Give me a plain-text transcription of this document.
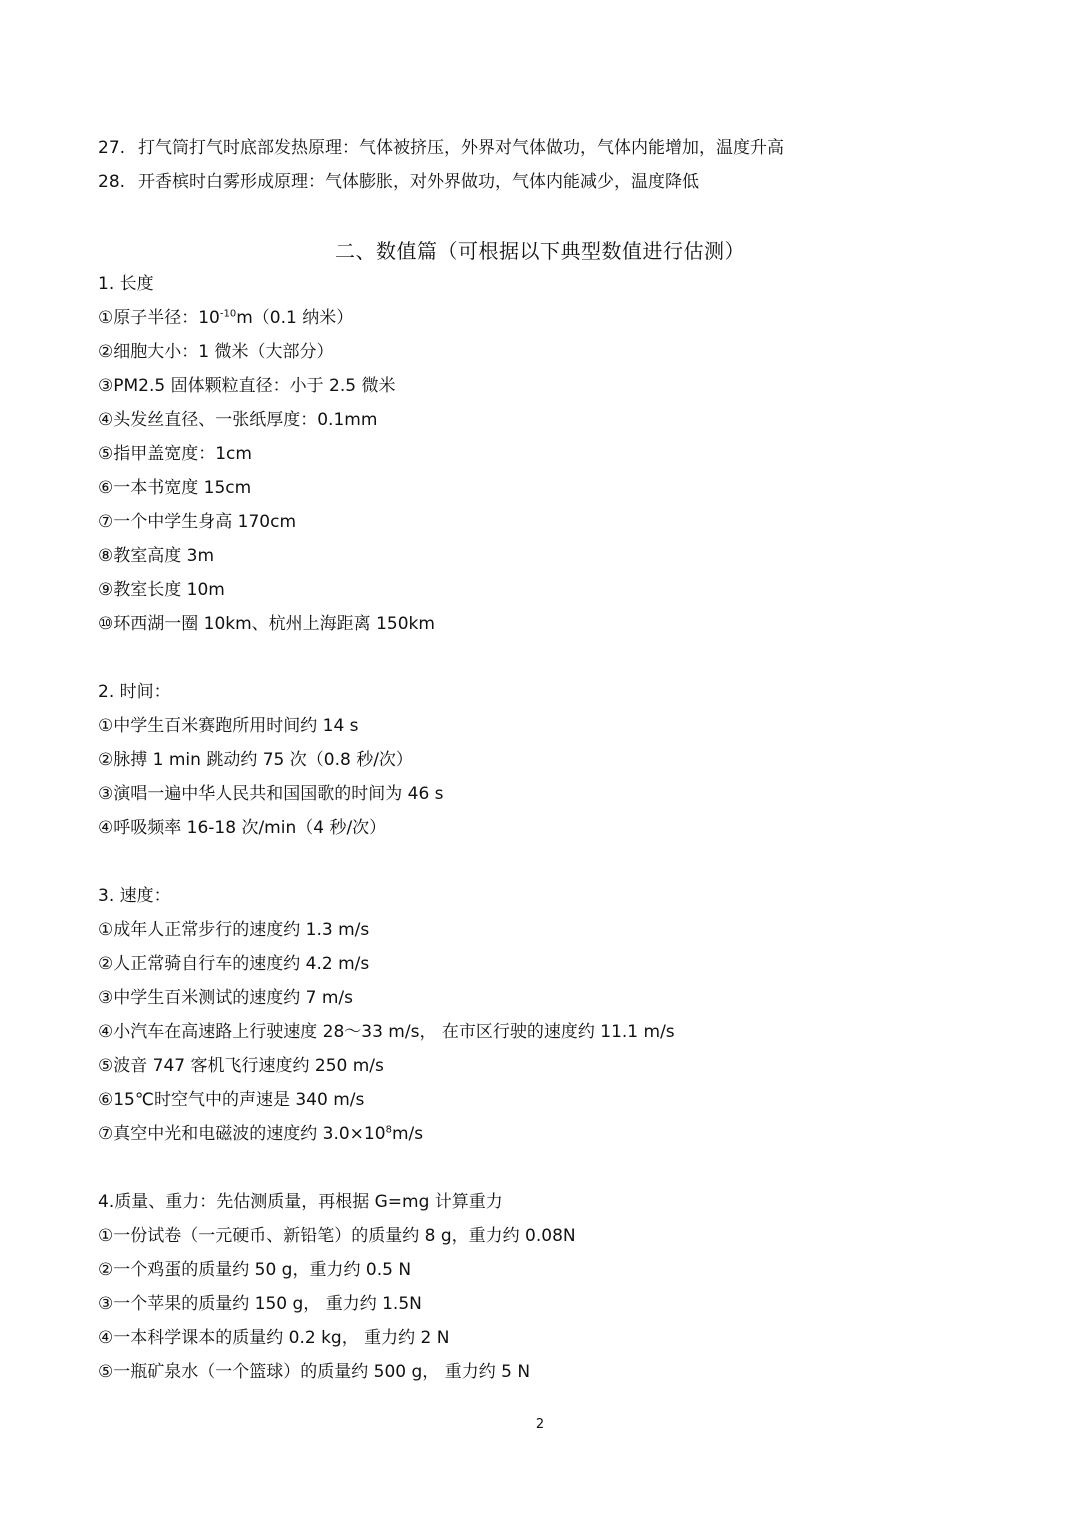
27. 打气筒打气时底部发热原理：气体被挤压，外界对气体做功，气体内能增加，温度升高
28. 开香槟时白雾形成原理：气体膨胀，对外界做功，气体内能减少，温度降低
二、数值篇（可根据以下典型数值进行估测）
1. 长度
①原子半径：$10^{-10}m(0.1$ 纳米）
②细胞大小：1 微米（大部分）
③PM2.5 固体颗粒直径：小于 2.5 微米
④头发丝直径、一张纸厚度：0.1mm
⑤指甲盖宽度：1cm
⑥一本书宽度 15cm
⑦一个中学生身高 170cm
⑧教室高度 3m
⑨教室长度 10m
⑩环西湖一圈 10km、杭州上海距离 150km
2. 时间：
①中学生百米赛跑所用时间约 14 s
②脉搏 1 min 跳动约 75 次（0.8 秒/次）
③演唱一遍中华人民共和国国歌的时间为 46 s
④呼吸频率 16-18 次/min（4 秒/次）
3. 速度：
①成年人正常步行的速度约 1.3 m/s
②人正常骑自行车的速度约 4.2 m/s
③中学生百米测试的速度约 7 m/s
④小汽车在高速路上行驶速度 28～33 m/s， 在市区行驶的速度约 11.1 m/s
⑤波音 747 客机飞行速度约 250 m/s
⑥15℃时空气中的声速是 340 m/s
⑦真空中光和电磁波的速度约 $3.0\times 10^8m/s$
4.质量、重力：先估测质量，再根据 G=mg 计算重力
①一份试卷（一元硬币、新铅笔）的质量约 8 g，重力约 0.08N
②一个鸡蛋的质量约 50 g，重力约 0.5 N
③一个苹果的质量约 150 g， 重力约 1.5N
④一本科学课本的质量约 0.2 kg， 重力约 2 N
⑤一瓶矿泉水（一个篮球）的质量约 500 g， 重力约 5 N
2
